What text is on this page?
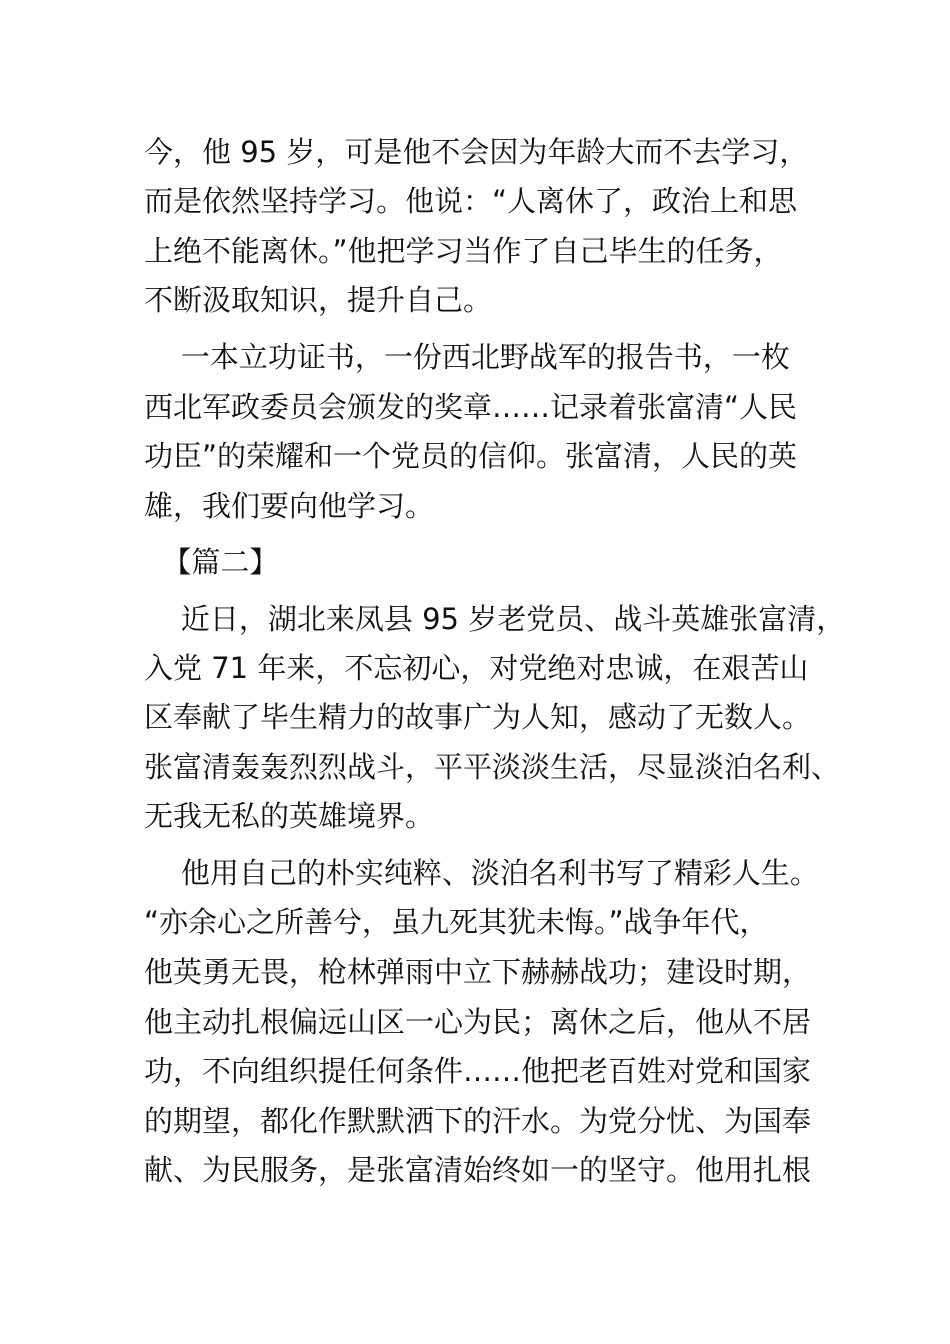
今，他 95 岁，可是他不会因为年龄大而不去学习，
而是依然坚持学习。他说：“人离休了，政治上和思
上绝不能离休。”他把学习当作了自己毕生的任务，
不断汲取知识，提升自己。
一本立功证书，一份西北野战军的报告书，一枚
西北军政委员会颁发的奖章……记录着张富清“人民
功臣”的荣耀和一个党员的信仰。张富清，人民的英
雄，我们要向他学习。
【篇二】
近日，湖北来凤县 95 岁老党员、战斗英雄张富清，
入党 71 年来，不忘初心，对党绝对忠诚，在艰苦山
区奉献了毕生精力的故事广为人知，感动了无数人。
张富清轰轰烈烈战斗，平平淡淡生活，尽显淡泊名利、
无我无私的英雄境界。
他用自己的朴实纯粹、淡泊名利书写了精彩人生。
“亦余心之所善兮，虽九死其犹未悔。”战争年代，
他英勇无畏，枪林弹雨中立下赫赫战功；建设时期，
他主动扎根偏远山区一心为民；离休之后，他从不居
功，不向组织提任何条件……他把老百姓对党和国家
的期望，都化作默默洒下的汗水。为党分忧、为国奉
献、为民服务，是张富清始终如一的坚守。他用扎根
